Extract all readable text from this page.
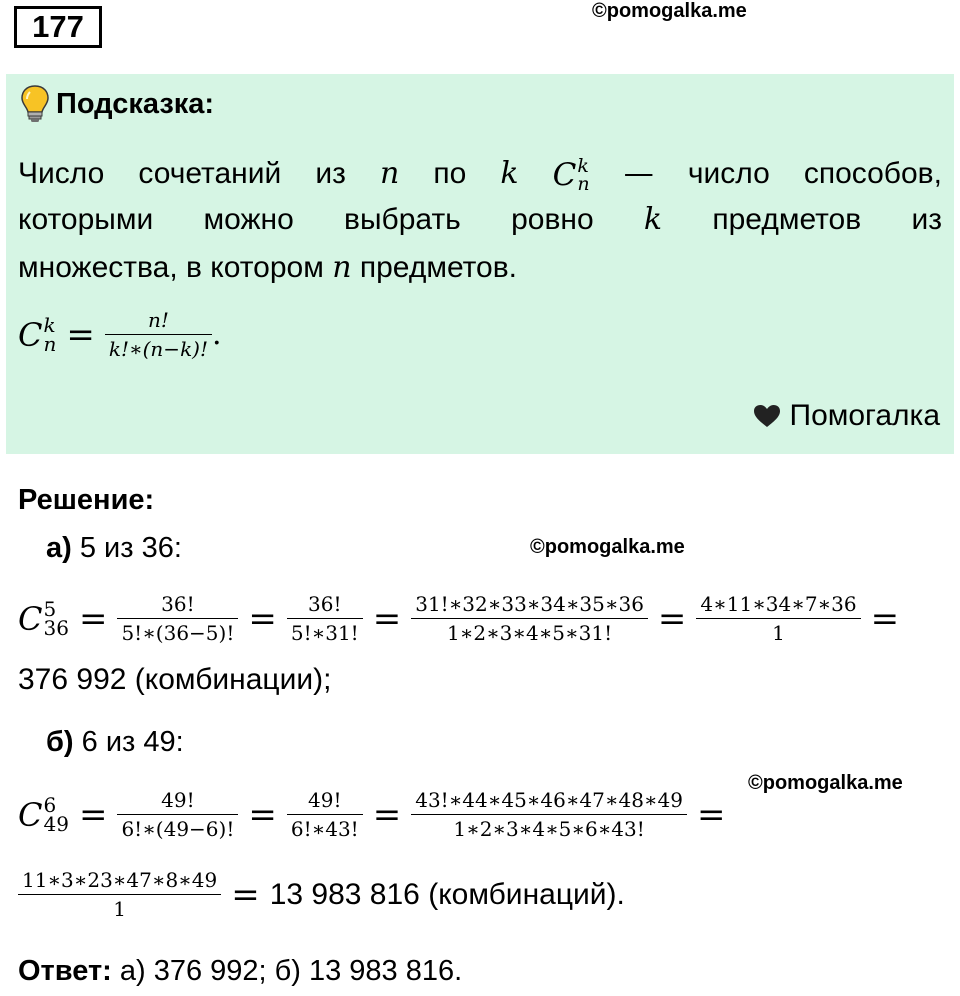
177	©pomogalka.me
Подсказка:
Число сочетаний из n по k C k
n — число способов,
которыми можно выбрать ровно k предметов из
множества, в котором n предметов.
C k
$n = \frac{n!}{k!∗(n-k)!}$ .
Помогалка
Решение:
а) 5 из 36:	©pomogalka.me
C 5
$36 = \frac{36!}{5!∗(36-5)!} = \frac{36!}{5!∗31!} = \frac{31!∗32∗33∗34∗35∗36}{1∗2∗3∗4∗5∗31!} = \frac{4∗11∗34∗7∗36}{1}$ =
376 992 (комбинации);
б) 6 из 49:
©pomogalka.me
C 6
$49 = \frac{49!}{6!∗(49-6)!} = \frac{49!}{6!∗43!} = \frac{43!∗44∗45∗46∗47∗48∗49}{1∗2∗3∗4∗5∗6∗43!}$ =
$\frac{11∗3∗23∗47∗8∗49}{1} = 13$ 983 816 (комбинаций).
Ответ: а) 376 992; б) 13 983 816.
